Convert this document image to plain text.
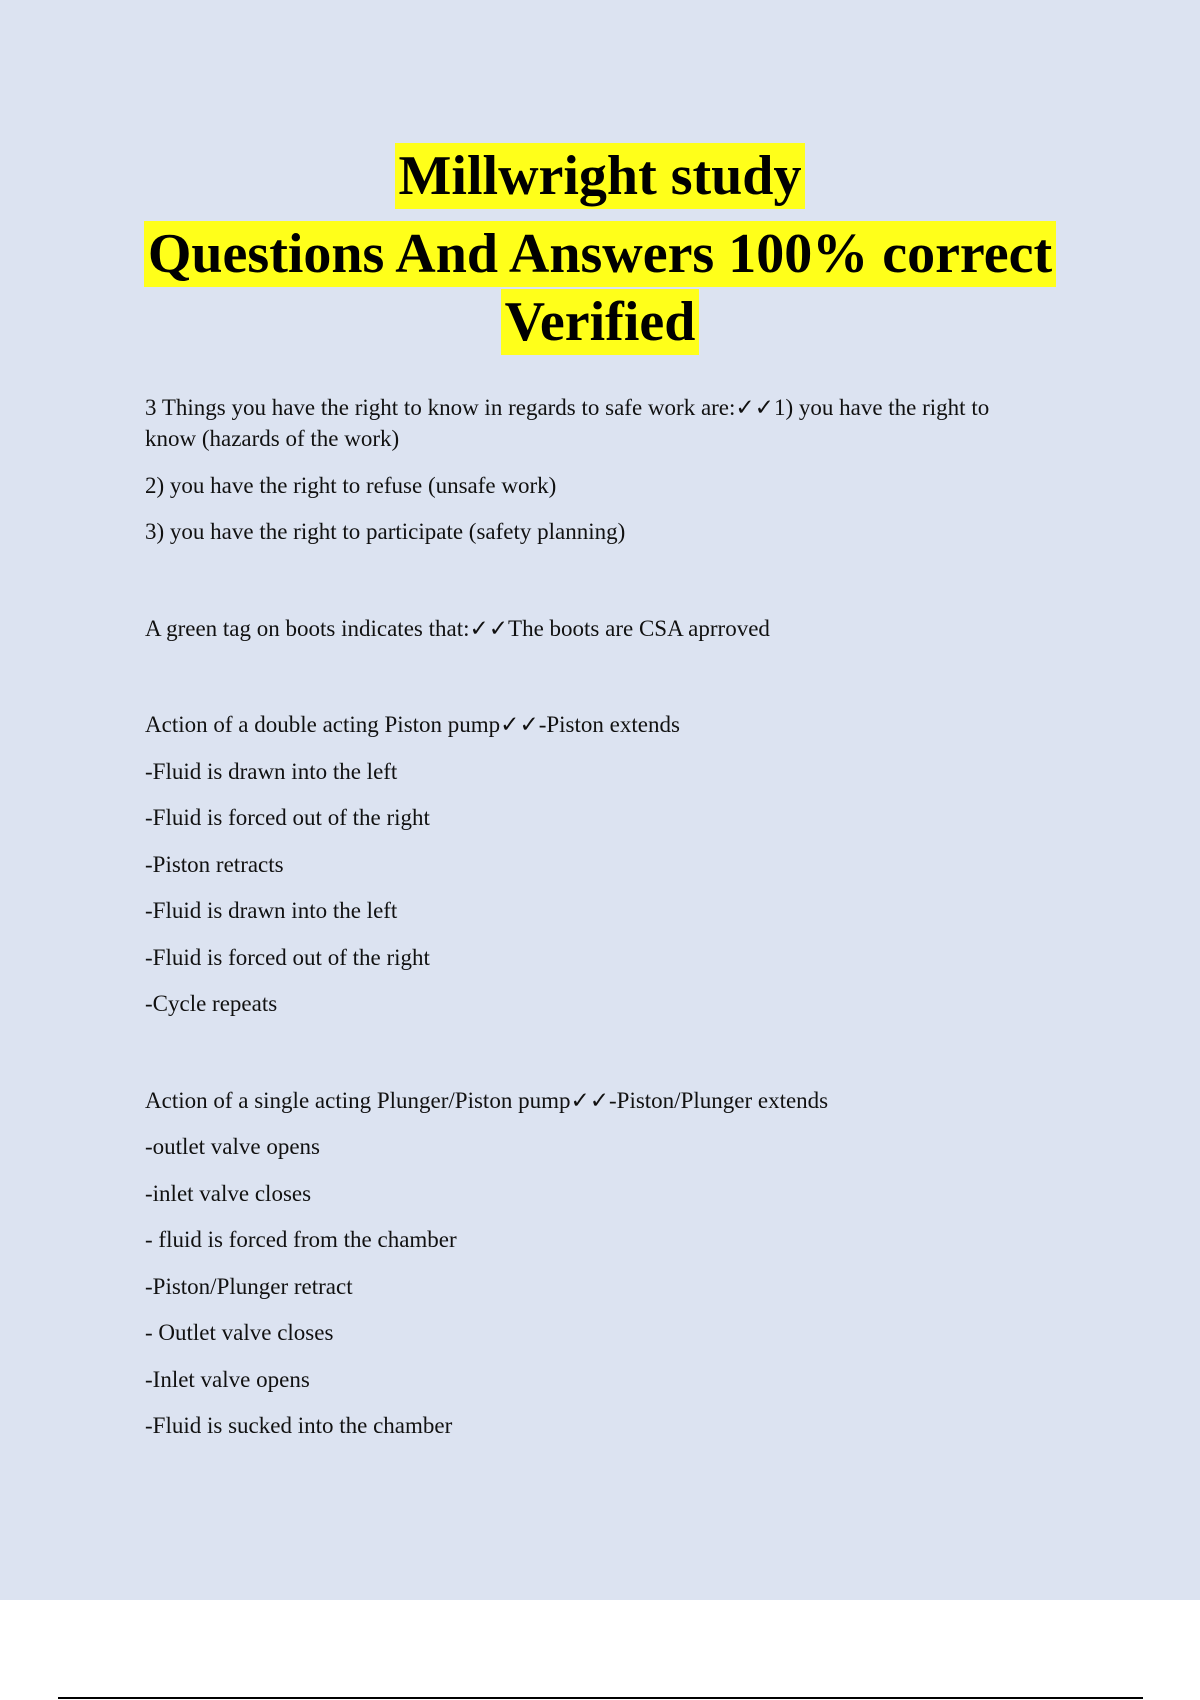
Millwright study
Questions And Answers 100% correct
Verified

3 Things you have the right to know in regards to safe work are:✓✓1) you have the right to know (hazards of the work)

2) you have the right to refuse (unsafe work)

3) you have the right to participate (safety planning)

A green tag on boots indicates that:✓✓The boots are CSA aprroved

Action of a double acting Piston pump✓✓-Piston extends

-Fluid is drawn into the left

-Fluid is forced out of the right

-Piston retracts

-Fluid is drawn into the left

-Fluid is forced out of the right

-Cycle repeats

Action of a single acting Plunger/Piston pump✓✓-Piston/Plunger extends

-outlet valve opens

-inlet valve closes

- fluid is forced from the chamber

-Piston/Plunger retract

- Outlet valve closes

-Inlet valve opens

-Fluid is sucked into the chamber
